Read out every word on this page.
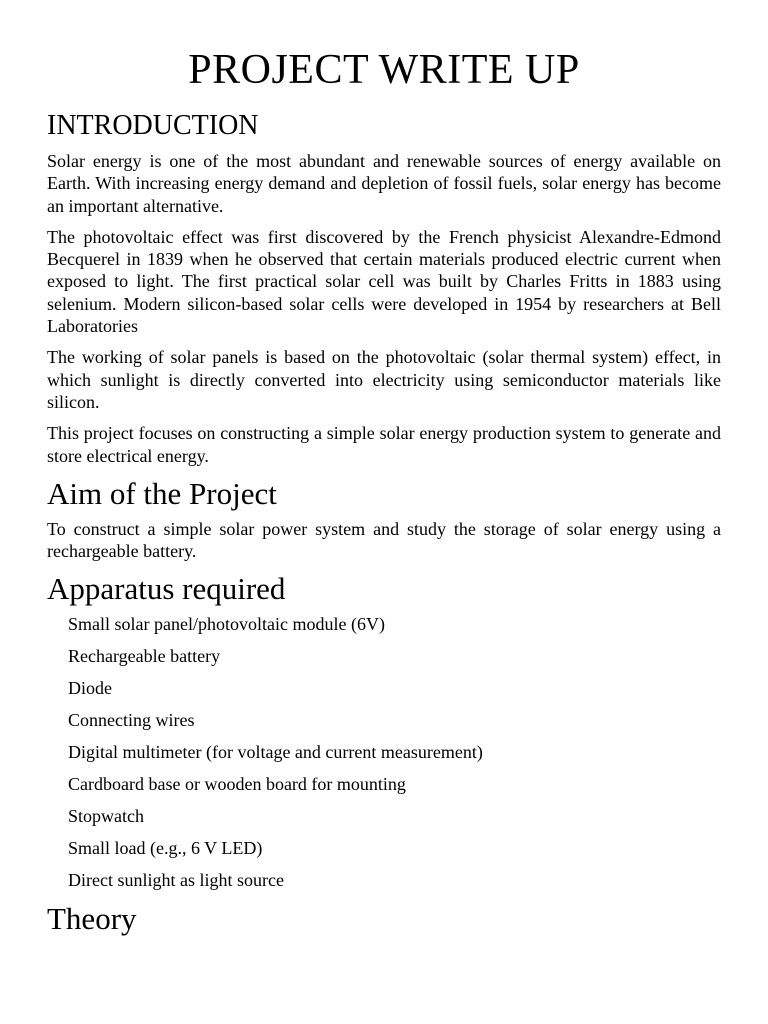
PROJECT WRITE UP
INTRODUCTION

Solar energy is one of the most abundant and renewable sources of energy available on Earth. With increasing energy demand and depletion of fossil fuels, solar energy has become an important alternative.

The photovoltaic effect was first discovered by the French physicist Alexandre-Edmond Becquerel in 1839 when he observed that certain materials produced electric current when exposed to light. The first practical solar cell was built by Charles Fritts in 1883 using selenium. Modern silicon-based solar cells were developed in 1954 by researchers at Bell Laboratories

The working of solar panels is based on the photovoltaic (solar thermal system) effect, in which sunlight is directly converted into electricity using semiconductor materials like silicon.

This project focuses on constructing a simple solar energy production system to generate and store electrical energy.

Aim of the Project

To construct a simple solar power system and study the storage of solar energy using a rechargeable battery.

Apparatus required
Small solar panel/photovoltaic module (6V)
Rechargeable battery
Diode
Connecting wires
Digital multimeter (for voltage and current measurement)
Cardboard base or wooden board for mounting
Stopwatch
Small load (e.g., 6 V LED)
Direct sunlight as light source
Theory
